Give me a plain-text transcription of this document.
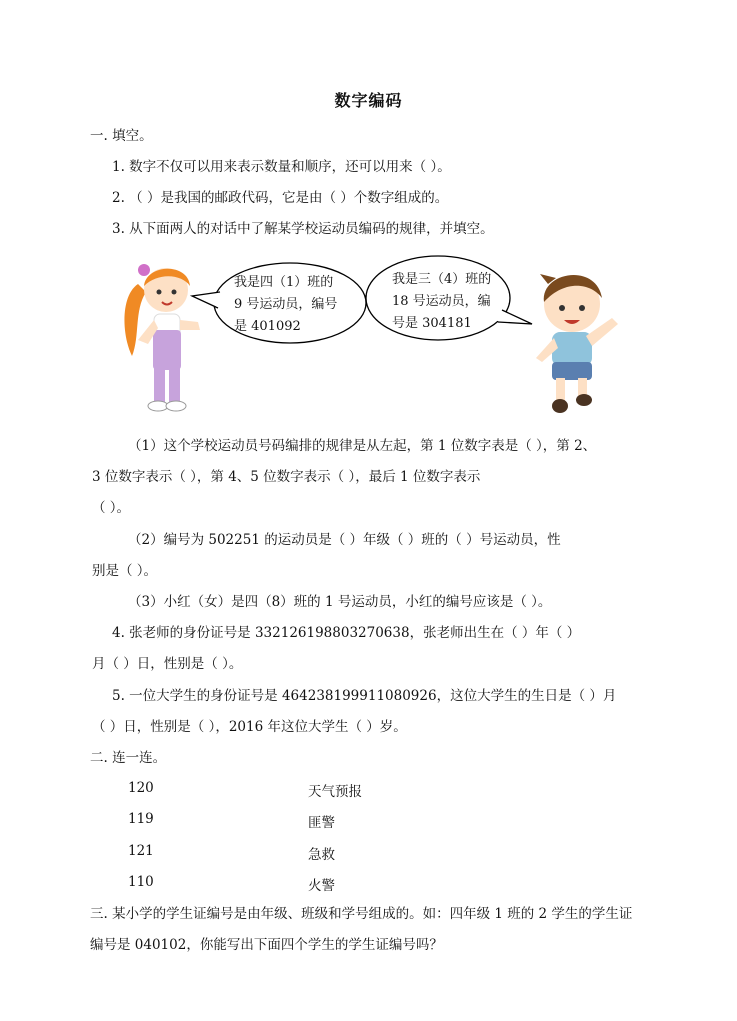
数字编码
一. 填空。
1. 数字不仅可以用来表示数量和顺序，还可以用来（ ）。
2. （ ）是我国的邮政代码，它是由（ ）个数字组成的。
3. 从下面两人的对话中了解某学校运动员编码的规律，并填空。
我是四（1）班的
9 号运动员，编号
是 401092
我是三（4）班的
18 号运动员，编
号是 304181
（1）这个学校运动员号码编排的规律是从左起，第 1 位数字表是（ ），第 2、
3 位数字表示（ ），第 4、5 位数字表示（ ），最后 1 位数字表示
（ ）。
（2）编号为 502251 的运动员是（ ）年级（ ）班的（ ）号运动员，性
别是（ ）。
（3）小红（女）是四（8）班的 1 号运动员，小红的编号应该是（ ）。
4. 张老师的身份证号是 332126198803270638，张老师出生在（ ）年（ ）
月（ ）日，性别是（ ）。
5. 一位大学生的身份证号是 464238199911080926，这位大学生的生日是（ ）月
（ ）日，性别是（ ），2016 年这位大学生（ ）岁。
二. 连一连。
120	天气预报
119	匪警
121	急救
110	火警
三. 某小学的学生证编号是由年级、班级和学号组成的。如：四年级 1 班的 2 学生的学生证
编号是 040102，你能写出下面四个学生的学生证编号吗？
